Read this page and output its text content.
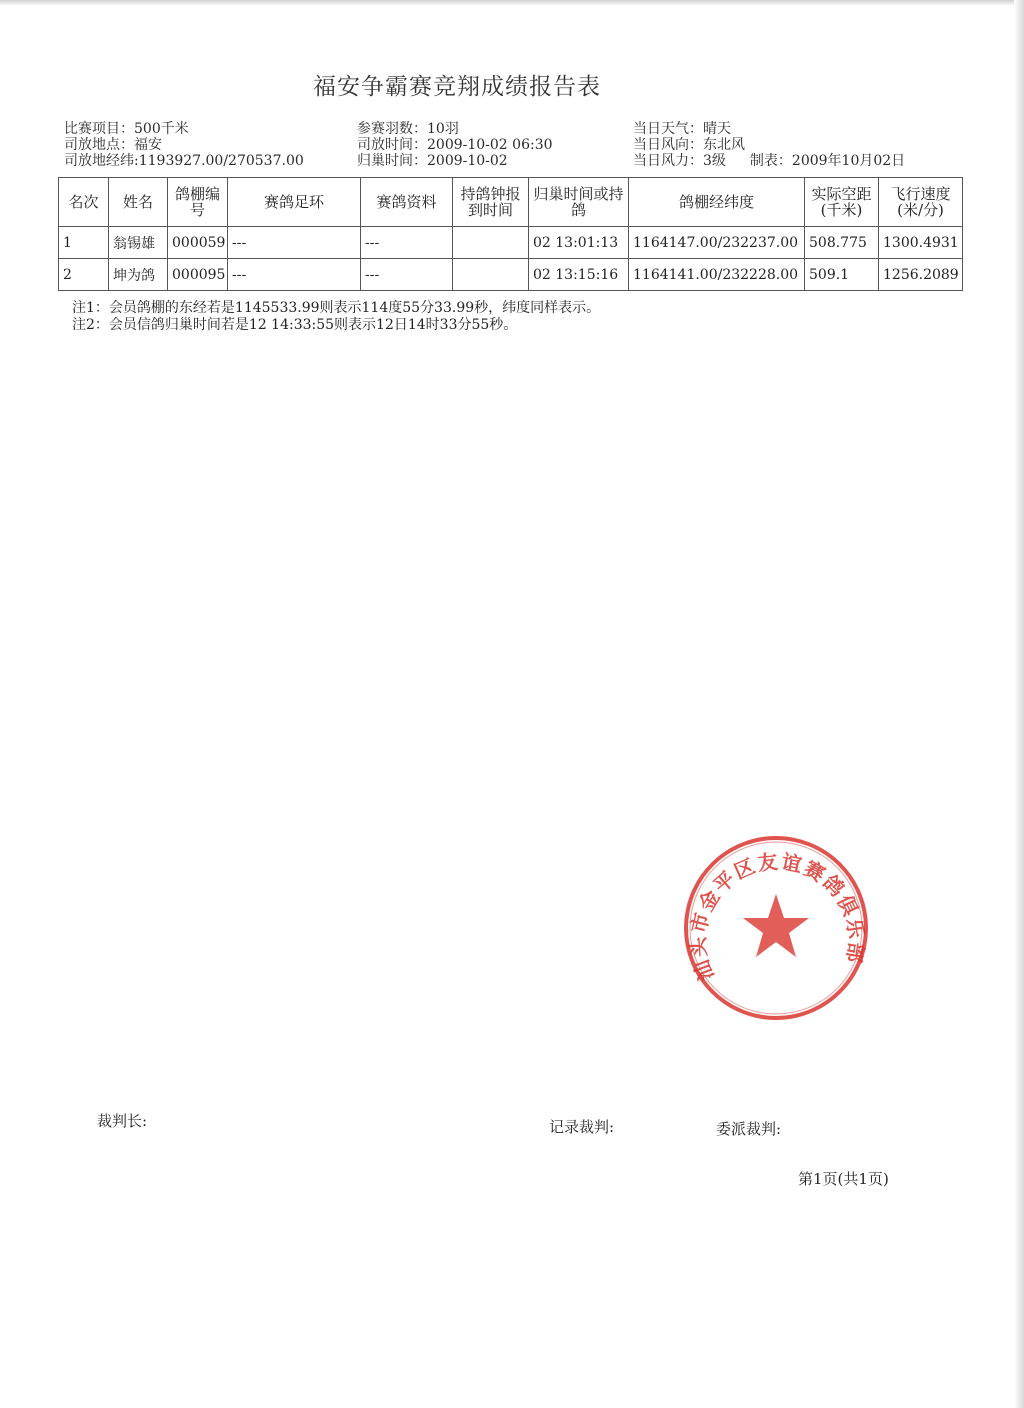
福安争霸赛竞翔成绩报告表
比赛项目：500千米
司放地点：福安
司放地经纬:1193927.00/270537.00
参赛羽数：10羽
司放时间：2009-10-02 06:30
归巢时间：2009-10-02
当日天气：晴天
当日风向：东北风
当日风力：3级 制表：2009年10月02日
名次	姓名	鸽棚编号	赛鸽足环	赛鸽资料	持鸽钟报到时间	归巢时间或持鸽	鸽棚经纬度	实际空距(千米)	飞行速度(米/分)
1	翁锡雄	000059	---	---		02 13:01:13	1164147.00/232237.00	508.775	1300.4931
2	坤为鸽	000095	---	---		02 13:15:16	1164141.00/232228.00	509.1	1256.2089
注1：会员鸽棚的东经若是1145533.99则表示114度55分33.99秒，纬度同样表示。
注2：会员信鸽归巢时间若是12 14:33:55则表示12日14时33分55秒。
汕头市金平区友谊赛鸽俱乐部
裁判长:	记录裁判:	委派裁判:
第1页(共1页)
